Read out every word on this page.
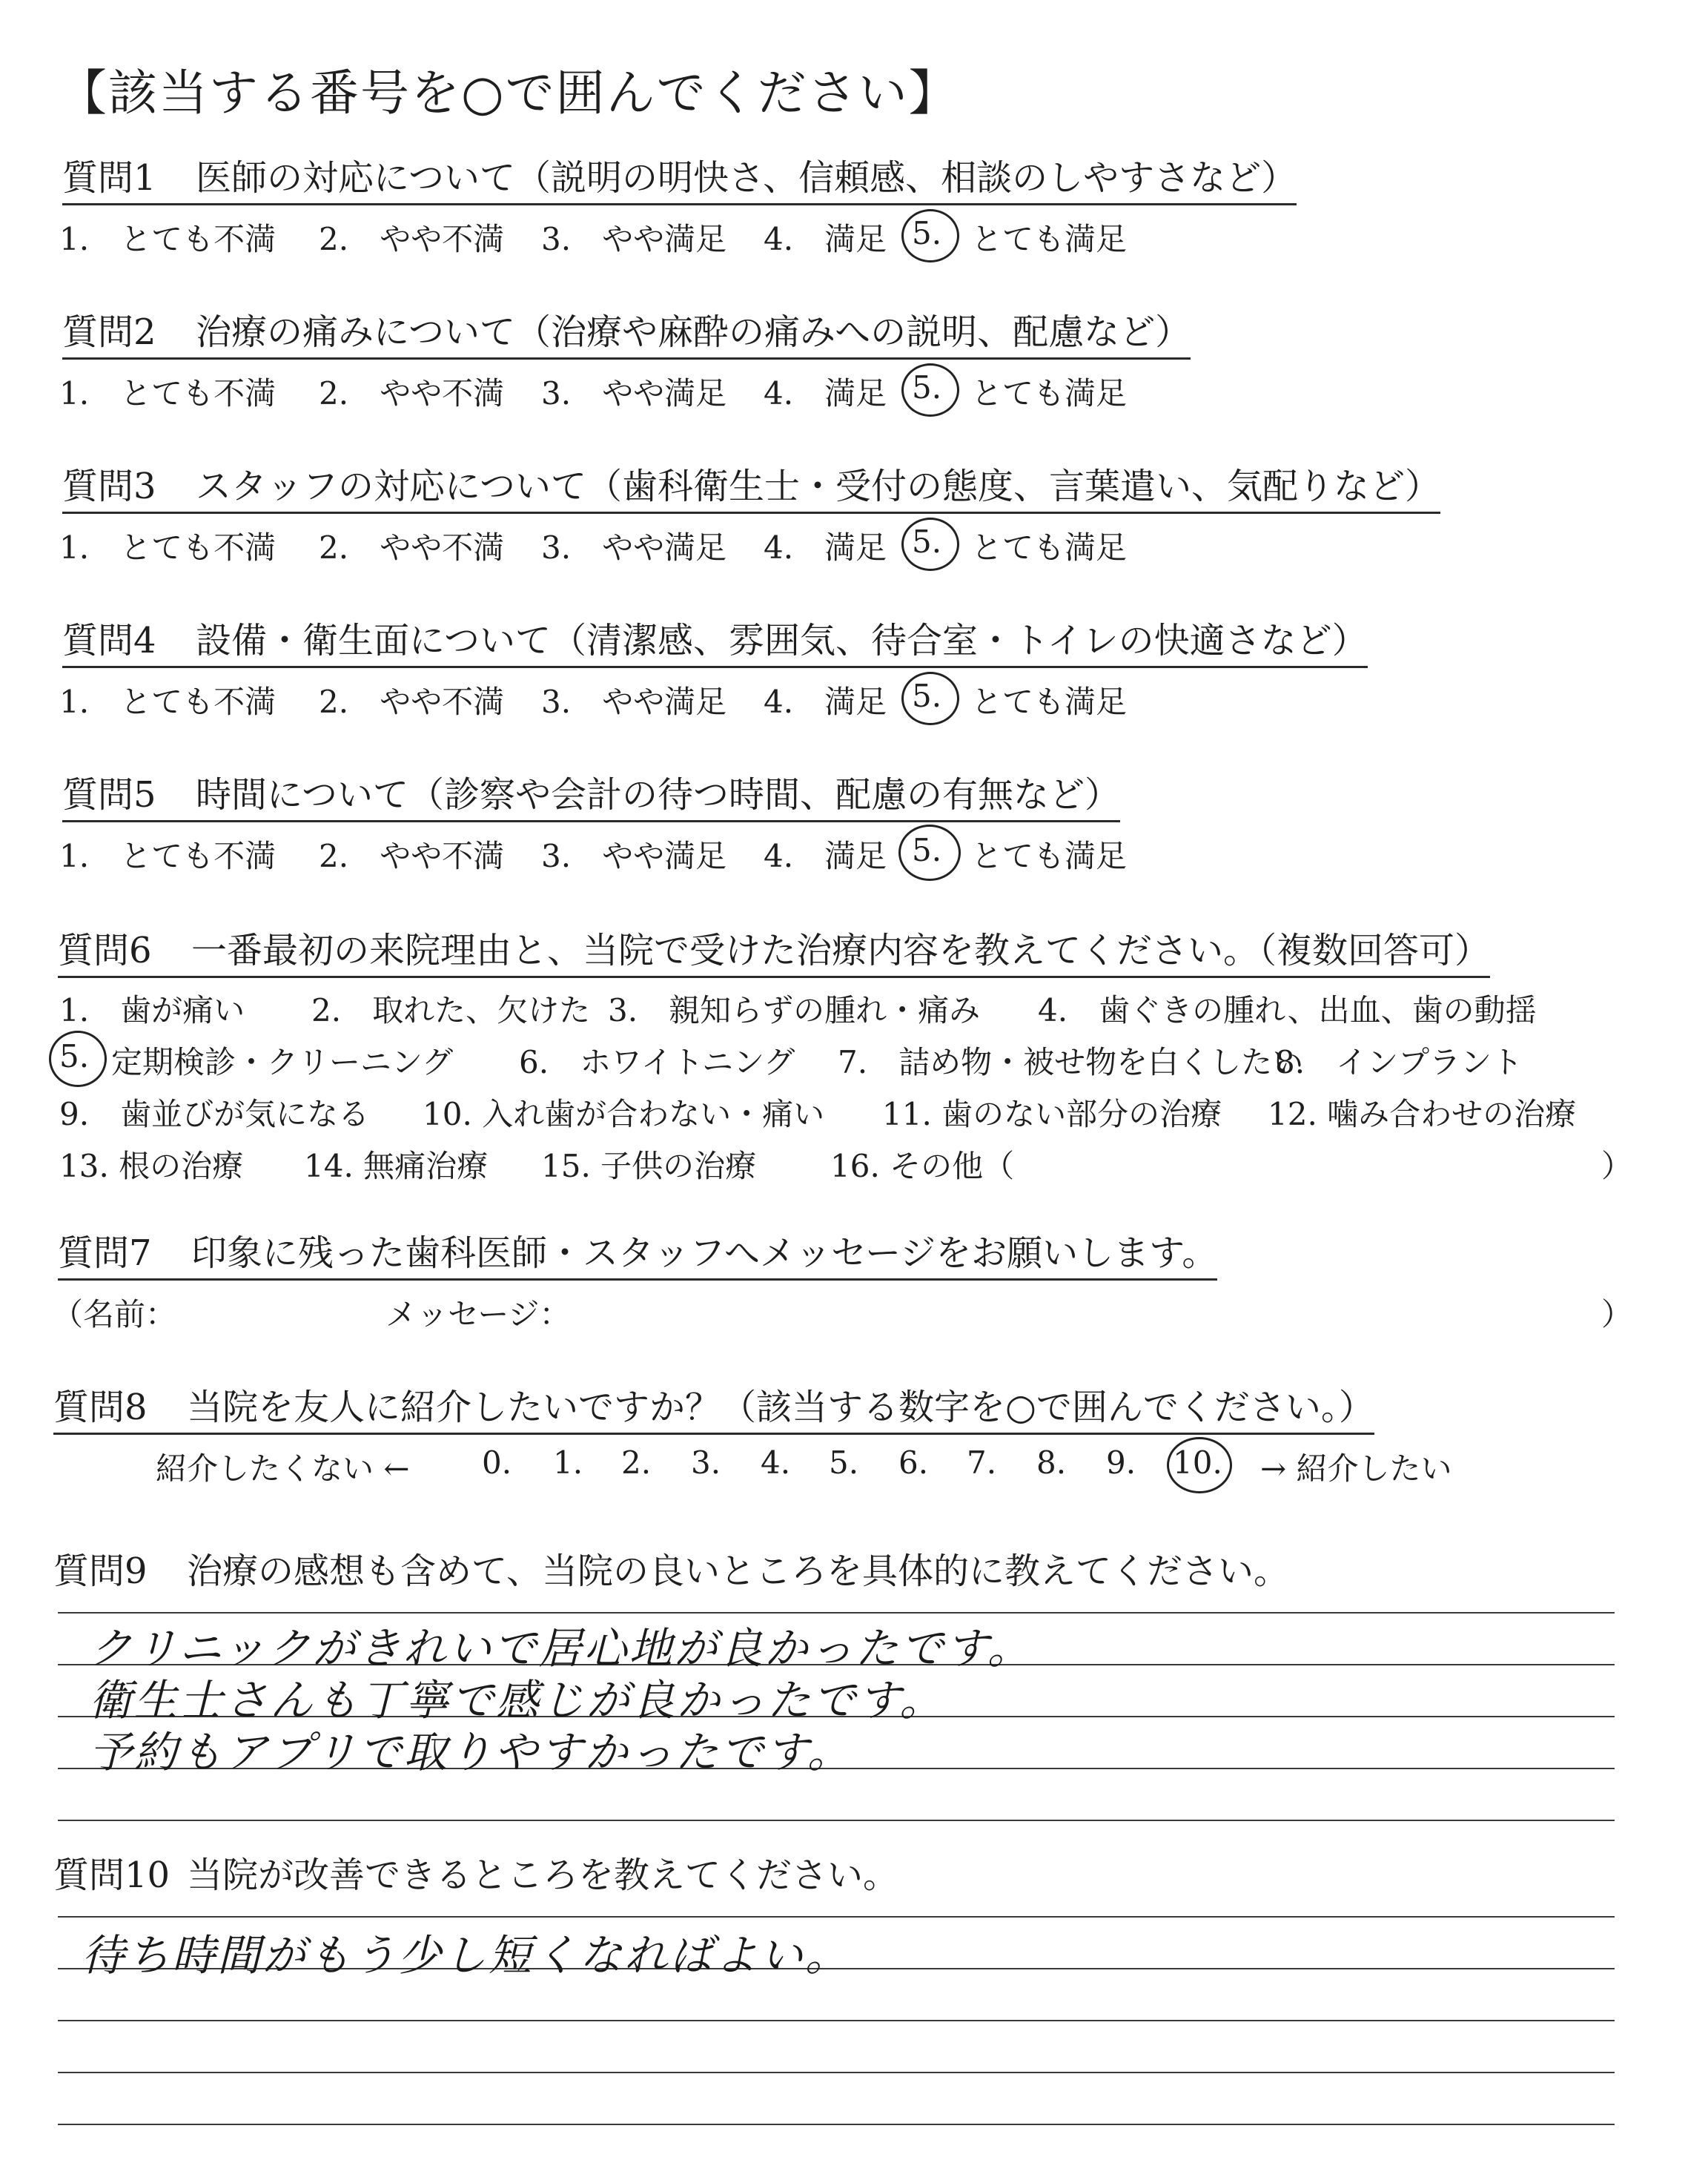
【該当する番号を○で囲んでください】
質問1 医師の対応について（説明の明快さ、信頼感、相談のしやすさなど）
1.　とても不満 2.　やや不満 3.　やや満足 4.　満足 5. とても満足
質問2 治療の痛みについて（治療や麻酔の痛みへの説明、配慮など）
1.　とても不満 2.　やや不満 3.　やや満足 4.　満足 5. とても満足
質問3 スタッフの対応について（歯科衛生士・受付の態度、言葉遣い、気配りなど）
1.　とても不満 2.　やや不満 3.　やや満足 4.　満足 5. とても満足
質問4 設備・衛生面について（清潔感、雰囲気、待合室・トイレの快適さなど）
1.　とても不満 2.　やや不満 3.　やや満足 4.　満足 5. とても満足
質問5 時間について（診察や会計の待つ時間、配慮の有無など）
1.　とても不満 2.　やや不満 3.　やや満足 4.　満足 5. とても満足
質問6 一番最初の来院理由と、当院で受けた治療内容を教えてください。（複数回答可）
1.　歯が痛い 2.　取れた、欠けた 3.　親知らずの腫れ・痛み 4.　歯ぐきの腫れ、出血、歯の動揺
5. 定期検診・クリーニング 6.　ホワイトニング 7.　詰め物・被せ物を白くしたい
8.　インプラント
9.　歯並びが気になる 10. 入れ歯が合わない・痛い 11. 歯のない部分の治療 12. 噛み合わせの治療
13. 根の治療 14. 無痛治療 15. 子供の治療 16. その他（	）
質問7 印象に残った歯科医師・スタッフへメッセージをお願いします。
（名前：	メッセージ：	）
質問8 当院を友人に紹介したいですか？（該当する数字を○で囲んでください。）
紹介したくない ← 0. 1. 2. 3. 4. 5. 6. 7. 8. 9. 10. → 紹介したい
質問9 治療の感想も含めて、当院の良いところを具体的に教えてください。
クリニックがきれいで居心地が良かったです。
衛生士さんも丁寧で感じが良かったです。
予約もアプリで取りやすかったです。
質問10 当院が改善できるところを教えてください。
待ち時間がもう少し短くなればよい。
